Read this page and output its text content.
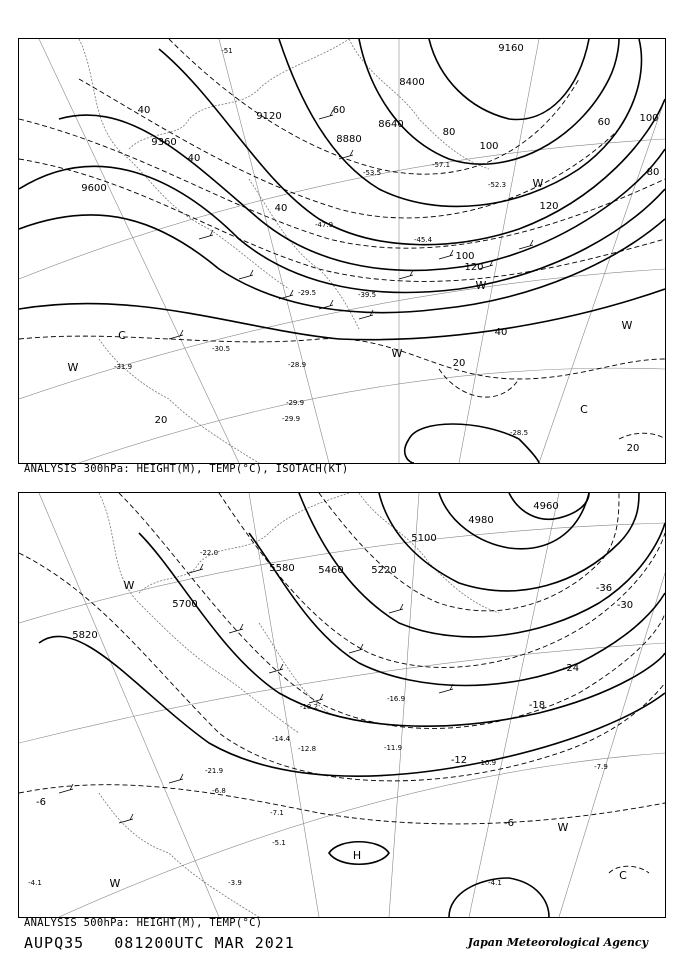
9600
9360
9120
8880
8640
8400
9160
40
40
40
60
80
100
100
120
120
100
80
60
40
20
20
20
-51
-47.9
-53.5
-57.1
-52.3
-45.4
-39.5
-30.5
-29.9
-29.5
-31.9
-28.5
-28.9
-29.9
C
C
W
W
W
W
W
ANALYSIS 300hPa: HEIGHT(M), TEMP(°C), ISOTACH(KT)
5820
5700
5580 5460	5220
5100
4980
4960
-36
-30
-24
-18
-12
-6
-6
-22.0
-21.9
-18.2
-16.9
-14.4
-12.8	-11.9
-10.9	-7.9
-7.1
-5.1
-4.1	-3.9
-6.8
-4.1
W
W
W
C
H
ANALYSIS 500hPa: HEIGHT(M), TEMP(°C)
AUPQ35   081200UTC MAR 2021	Japan Meteorological Agency
